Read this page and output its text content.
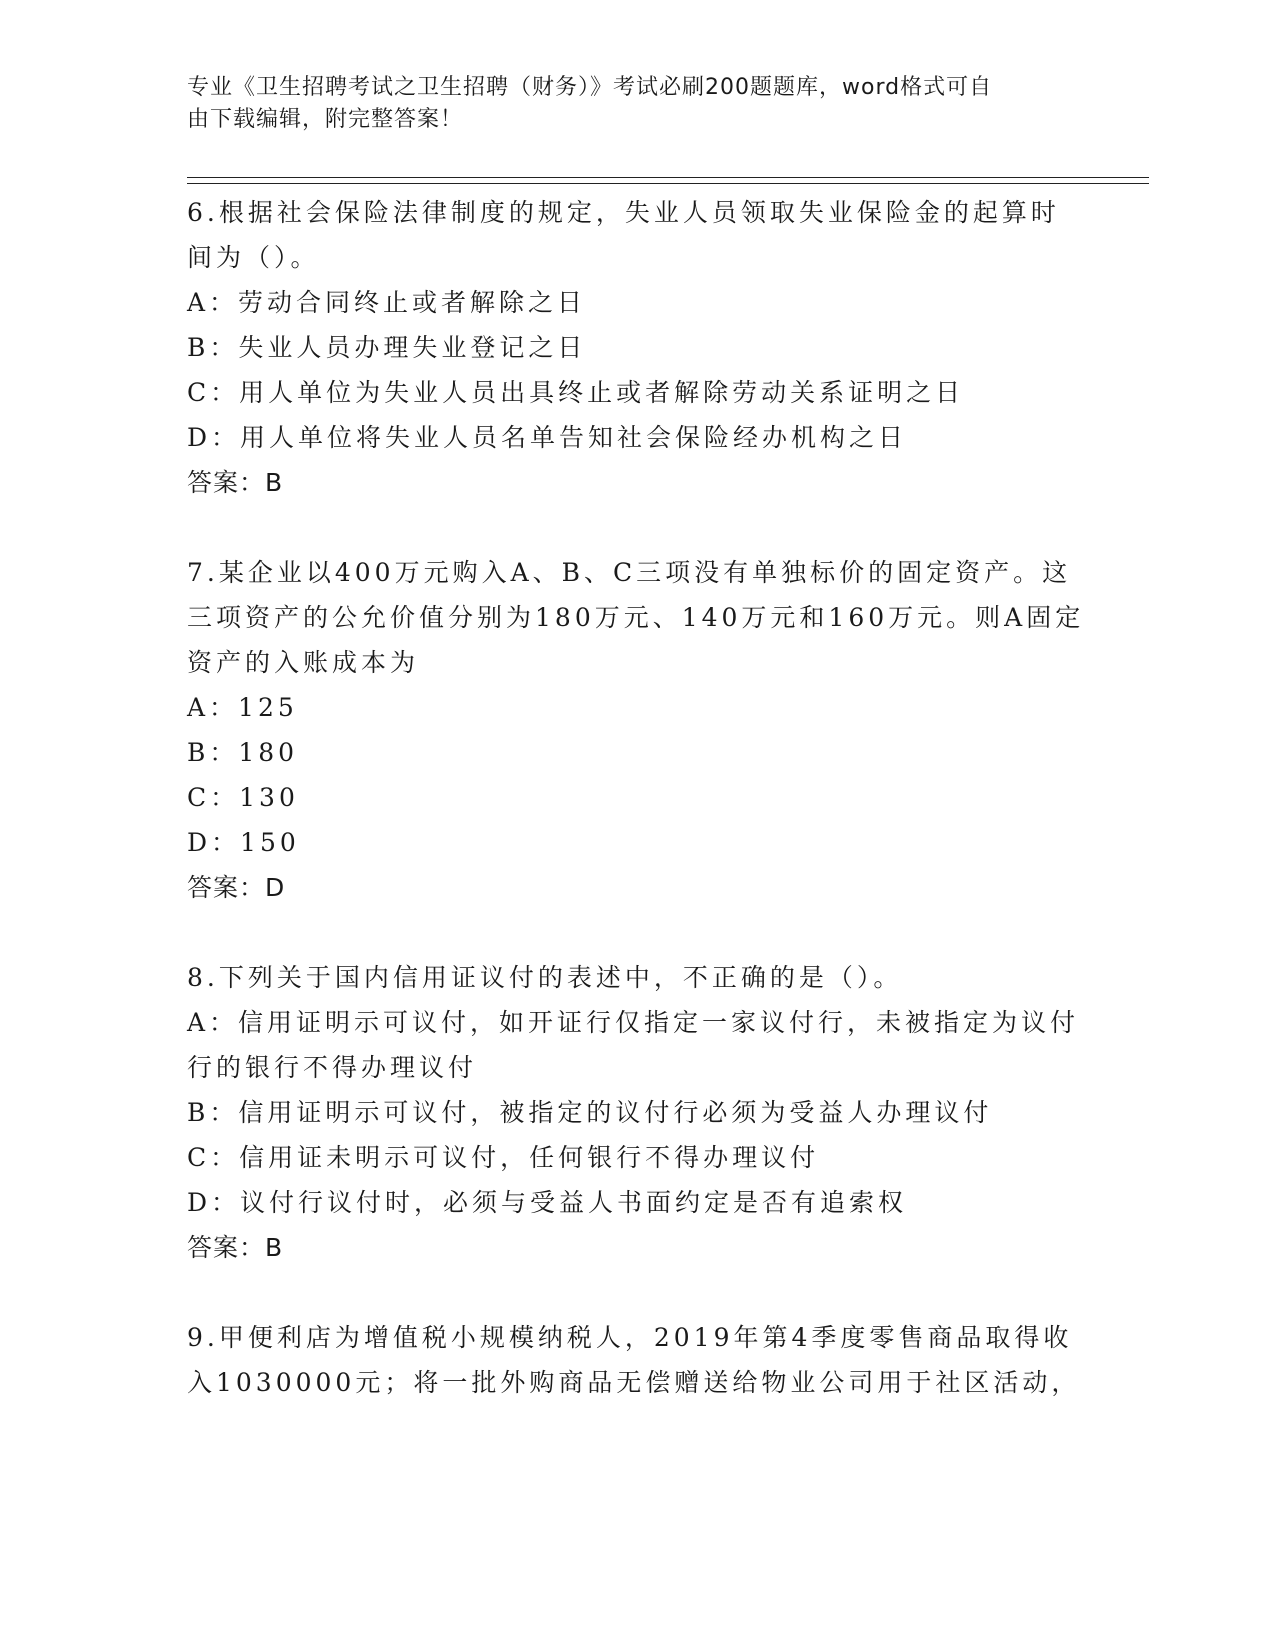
专业《卫生招聘考试之卫生招聘（财务）》考试必刷200题题库，word格式可自
由下载编辑，附完整答案！
6.根据社会保险法律制度的规定，失业人员领取失业保险金的起算时
间为（）。
A：劳动合同终止或者解除之日
B：失业人员办理失业登记之日
C：用人单位为失业人员出具终止或者解除劳动关系证明之日
D：用人单位将失业人员名单告知社会保险经办机构之日
答案：B
7.某企业以400万元购入A、B、C三项没有单独标价的固定资产。这
三项资产的公允价值分别为180万元、140万元和160万元。则A固定
资产的入账成本为
A：125
B：180
C：130
D：150
答案：D
8.下列关于国内信用证议付的表述中，不正确的是（）。
A：信用证明示可议付，如开证行仅指定一家议付行，未被指定为议付
行的银行不得办理议付
B：信用证明示可议付，被指定的议付行必须为受益人办理议付
C：信用证未明示可议付，任何银行不得办理议付
D：议付行议付时，必须与受益人书面约定是否有追索权
答案：B
9.甲便利店为增值税小规模纳税人，2019年第4季度零售商品取得收
入1030000元；将一批外购商品无偿赠送给物业公司用于社区活动，
